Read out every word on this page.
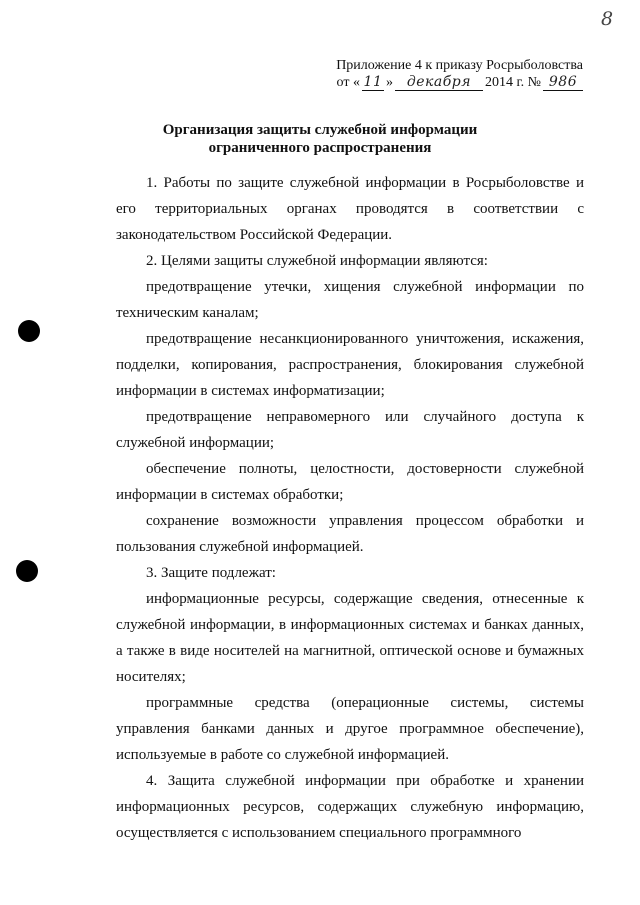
8
Приложение 4 к приказу Росрыболовства
от « 11 » декабря 2014 г. № 986
Организация защиты служебной информации
ограниченного распространения

1. Работы по защите служебной информации в Росрыболовстве и его территориальных органах проводятся в соответствии с законодательством Российской Федерации.

2. Целями защиты служебной информации являются:

предотвращение утечки, хищения служебной информации по техническим каналам;

предотвращение несанкционированного уничтожения, искажения, подделки, копирования, распространения, блокирования служебной информации в системах информатизации;

предотвращение неправомерного или случайного доступа к служебной информации;

обеспечение полноты, целостности, достоверности служебной информации в системах обработки;

сохранение возможности управления процессом обработки и пользования служебной информацией.

3. Защите подлежат:

информационные ресурсы, содержащие сведения, отнесенные к служебной информации, в информационных системах и банках данных, а также в виде носителей на магнитной, оптической основе и бумажных носителях;

программные средства (операционные системы, системы управления банками данных и другое программное обеспечение), используемые в работе со служебной информацией.

4. Защита служебной информации при обработке и хранении информационных ресурсов, содержащих служебную информацию, осуществляется с использованием специального программного
